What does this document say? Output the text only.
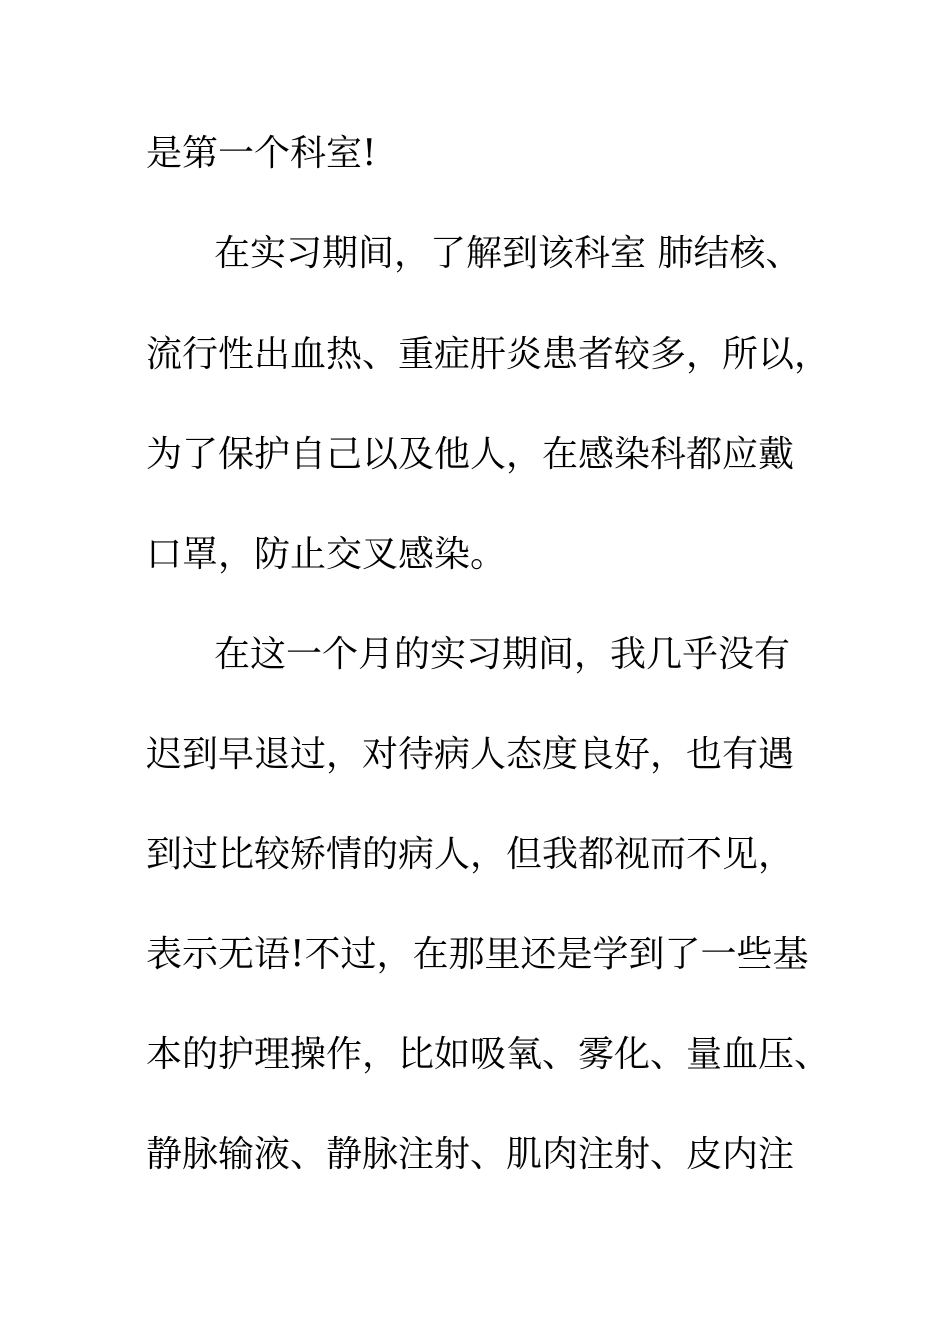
是第一个科室!
在实习期间，了解到该科室 肺结核、
流行性出血热、重症肝炎患者较多，所以，
为了保护自己以及他人，在感染科都应戴
口罩，防止交叉感染。
在这一个月的实习期间，我几乎没有
迟到早退过，对待病人态度良好，也有遇
到过比较矫情的病人，但我都视而不见，
表示无语!不过，在那里还是学到了一些基
本的护理操作，比如吸氧、雾化、量血压、
静脉输液、静脉注射、肌肉注射、皮内注
